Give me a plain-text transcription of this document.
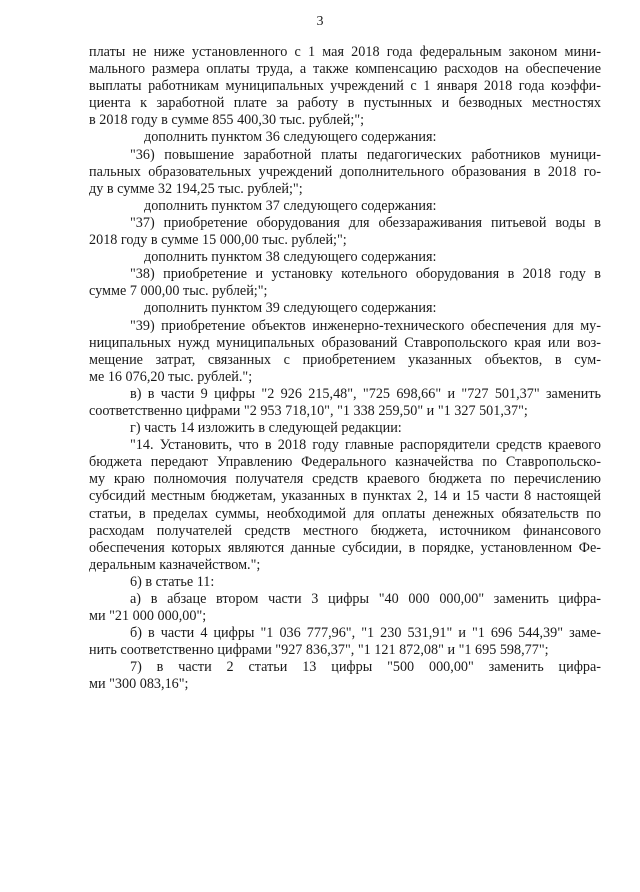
3
платы не ниже установленного с 1 мая 2018 года федеральным законом мини-
мального размера оплаты труда, а также компенсацию расходов на обеспечение
выплаты работникам муниципальных учреждений с 1 января 2018 года коэффи-
циента к заработной плате за работу в пустынных и безводных местностях
в 2018 году в сумме 855 400,30 тыс. рублей;";
дополнить пунктом 36 следующего содержания:
"36) повышение заработной платы педагогических работников муници-
пальных образовательных учреждений дополнительного образования в 2018 го-
ду в сумме 32 194,25 тыс. рублей;";
дополнить пунктом 37 следующего содержания:
"37) приобретение оборудования для обеззараживания питьевой воды в
2018 году в сумме 15 000,00 тыс. рублей;";
дополнить пунктом 38 следующего содержания:
"38) приобретение и установку котельного оборудования в 2018 году в
сумме 7 000,00 тыс. рублей;";
дополнить пунктом 39 следующего содержания:
"39) приобретение объектов инженерно-технического обеспечения для му-
ниципальных нужд муниципальных образований Ставропольского края или воз-
мещение затрат, связанных с приобретением указанных объектов, в сум-
ме 16 076,20 тыс. рублей.";
в) в части 9 цифры "2 926 215,48", "725 698,66" и "727 501,37" заменить
соответственно цифрами "2 953 718,10", "1 338 259,50" и "1 327 501,37";
г) часть 14 изложить в следующей редакции:
"14. Установить, что в 2018 году главные распорядители средств краевого
бюджета передают Управлению Федерального казначейства по Ставропольско-
му краю полномочия получателя средств краевого бюджета по перечислению
субсидий местным бюджетам, указанных в пунктах 2, 14 и 15 части 8 настоящей
статьи, в пределах суммы, необходимой для оплаты денежных обязательств по
расходам получателей средств местного бюджета, источником финансового
обеспечения которых являются данные субсидии, в порядке, установленном Фе-
деральным казначейством.";
6) в статье 11:
а) в абзаце втором части 3 цифры "40 000 000,00" заменить цифра-
ми "21 000 000,00";
б) в части 4 цифры "1 036 777,96", "1 230 531,91" и "1 696 544,39" заме-
нить соответственно цифрами "927 836,37", "1 121 872,08" и "1 695 598,77";
7) в части 2 статьи 13 цифры "500 000,00" заменить цифра-
ми "300 083,16";
